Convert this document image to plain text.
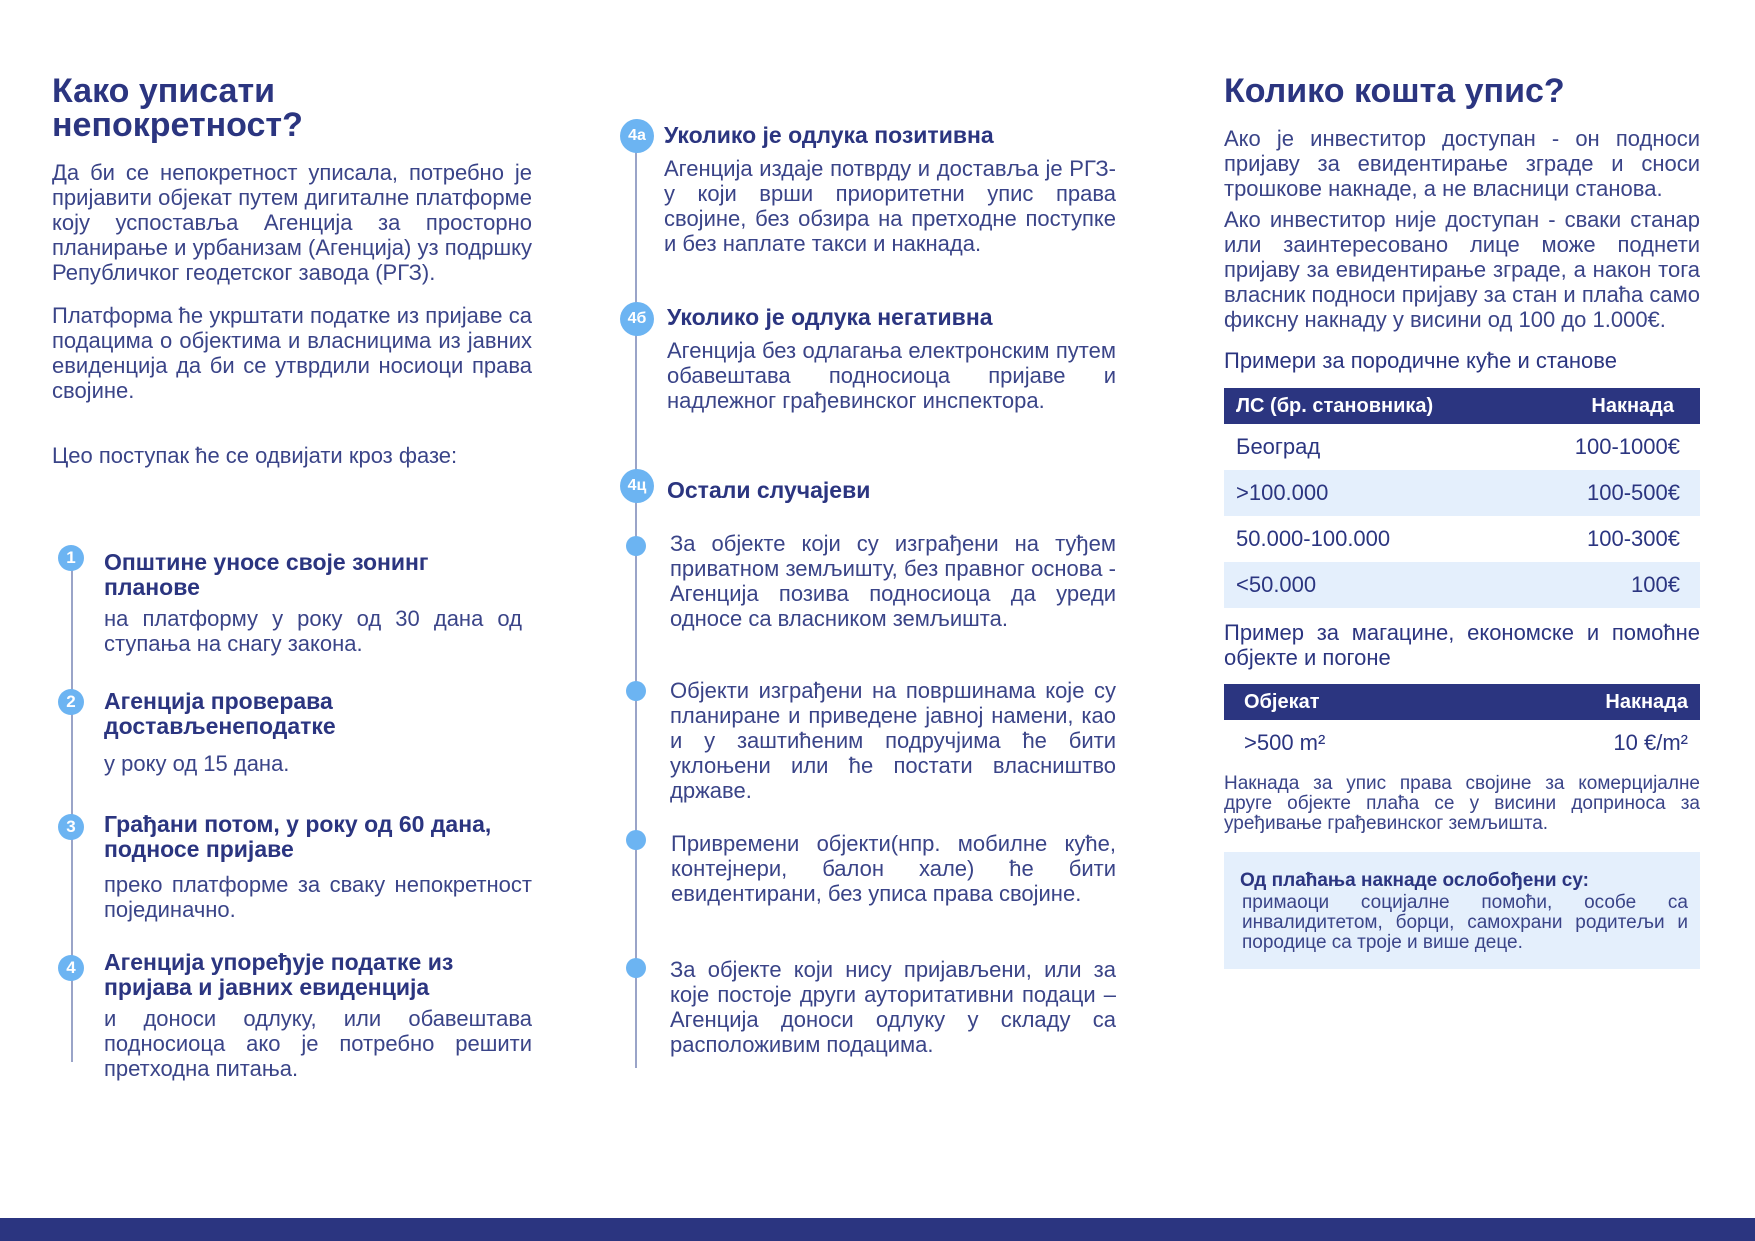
Како уписати
непокретност?

Да би се непокретност уписала, потребно је пријавити објекат путем дигиталне платформе коју успоставља Агенција за просторно планирање и урбанизам (Агенција) уз подршку Републичког геодетског завода (РГЗ).

Платформа ће укрштати податке из пријаве са подацима о објектима и власницима из јавних евиденција да би се утврдили носиоци права својине.

Цео поступак ће се одвијати кроз фазе:

1	Општине уносе своје зонинг планове

на платформу у року од 30 дана од ступања на снагу закона.

2	Агенција проверава достављенеподатке

у року од 15 дана.

3	Грађани потом, у року од 60 дана, подносе пријаве

преко платформе за сваку непокретност појединачно.

4	Агенција упоређује податке из пријава и јавних евиденција

и доноси одлуку, или обавештава подносиоца ако је потребно решити претходна питања.

4а Уколико је одлука позитивна

Агенција издаје потврду и доставља је РГЗ-у који врши приоритетни упис права својине, без обзира на претходне поступке и без наплате такси и накнада.

4б Уколико је одлука негативна

Агенција без одлагања електронским путем обавештава подносиоца пријаве и надлежног грађевинског инспектора.

4ц Остали случајеви

За објекте који су изграђени на туђем приватном земљишту, без правног основа - Агенција позива подносиоца да уреди односе са власником земљишта.

Објекти изграђени на површинама које су планиране и приведене јавној намени, као и у заштићеним подручјима ће бити уклоњени или ће постати власништво државе.

Привремени објекти(нпр. мобилне куће, контејнери, балон хале) ће бити евидентирани, без уписа права својине.

За објекте који нису пријављени, или за које постоје други ауторитативни подаци – Агенција доноси одлуку у складу са расположивим подацима.

Колико кошта упис?

Ако је инвеститор доступан - он подноси пријаву за евидентирање зграде и сноси трошкове накнаде, а не власници станова.

Ако инвеститор није доступан - сваки станар или заинтересовано лице може поднети пријаву за евидентирање зграде, а након тога власник подноси пријаву за стан и плаћа само фиксну накнаду у висини од 100 до 1.000€.

Примери за породичне куће и станове

ЛС (бр. становника)	Накнада
Београд	100-1000€
>100.000	100-500€
50.000-100.000	100-300€
<50.000	100€

Пример за магацине, економске и помоћне објекте и погоне

Објекат	Накнада
>500 m²	10 €/m²

Накнада за упис права својине за комерцијалне друге објекте плаћа се у висини доприноса за уређивање грађевинског земљишта.

Од плаћања накнаде ослобођени су:

примаоци социјалне помоћи, особе са инвалидитетом, борци, самохрани родитељи и породице са троје и више деце.
